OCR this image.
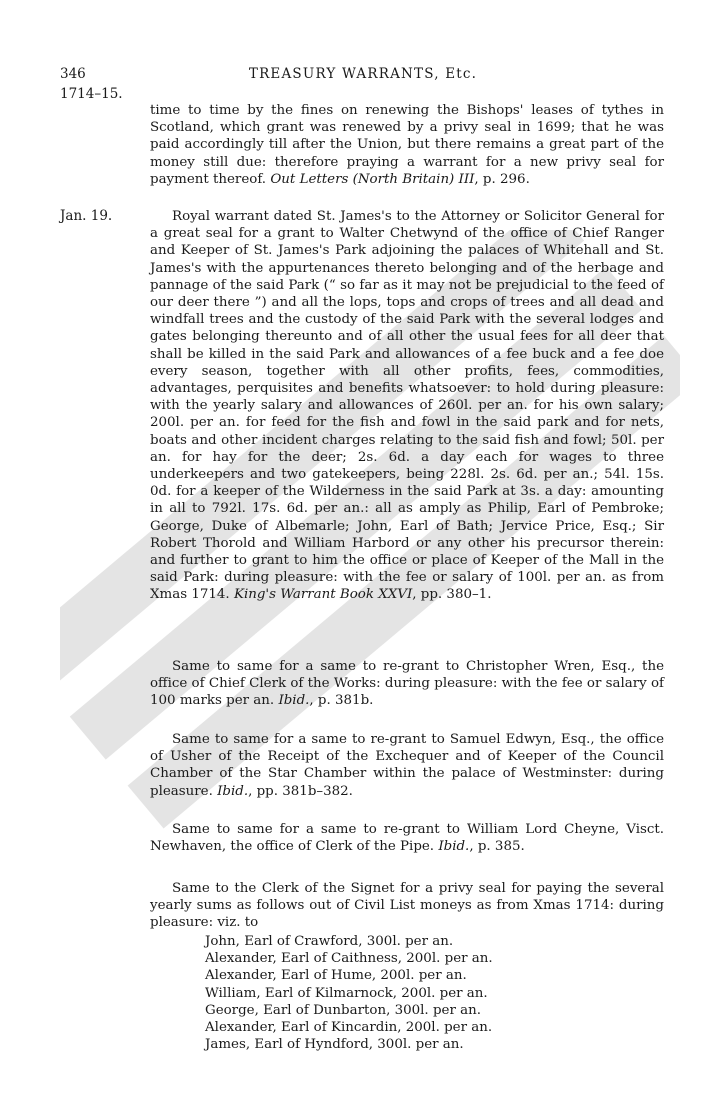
346	TREASURY WARRANTS, Etc.
1714–15.
time to time by the fines on renewing the Bishops' leases of tythes in Scotland, which grant was renewed by a privy seal in 1699; that he was paid accordingly till after the Union, but there remains a great part of the money still due: therefore praying a warrant for a new privy seal for payment thereof. Out Letters (North Britain) III, p. 296.
Jan. 19.	Royal warrant dated St. James's to the Attorney or Solicitor General for a great seal for a grant to Walter Chetwynd of the office of Chief Ranger and Keeper of St. James's Park adjoining the palaces of Whitehall and St. James's with the appurtenances thereto belonging and of the herbage and pannage of the said Park (“ so far as it may not be prejudicial to the feed of our deer there ”) and all the lops, tops and crops of trees and all dead and windfall trees and the custody of the said Park with the several lodges and gates belonging thereunto and of all other the usual fees for all deer that shall be killed in the said Park and allowances of a fee buck and a fee doe every season, together with all other profits, fees, commodities, advantages, perquisites and benefits whatsoever: to hold during pleasure: with the yearly salary and allowances of 260l. per an. for his own salary; 200l. per an. for feed for the fish and fowl in the said park and for nets, boats and other incident charges relating to the said fish and fowl; 50l. per an. for hay for the deer; 2s. 6d. a day each for wages to three underkeepers and two gatekeepers, being 228l. 2s. 6d. per an.; 54l. 15s. 0d. for a keeper of the Wilderness in the said Park at 3s. a day: amounting in all to 792l. 17s. 6d. per an.: all as amply as Philip, Earl of Pembroke; George, Duke of Albemarle; John, Earl of Bath; Jervice Price, Esq.; Sir Robert Thorold and William Harbord or any other his precursor therein: and further to grant to him the office or place of Keeper of the Mall in the said Park: during pleasure: with the fee or salary of 100l. per an. as from Xmas 1714. King's Warrant Book XXVI, pp. 380–1.
Same to same for a same to re-grant to Christopher Wren, Esq., the office of Chief Clerk of the Works: during pleasure: with the fee or salary of 100 marks per an. Ibid., p. 381b.
Same to same for a same to re-grant to Samuel Edwyn, Esq., the office of Usher of the Receipt of the Exchequer and of Keeper of the Council Chamber of the Star Chamber within the palace of Westminster: during pleasure. Ibid., pp. 381b–382.
Same to same for a same to re-grant to William Lord Cheyne, Visct. Newhaven, the office of Clerk of the Pipe. Ibid., p. 385.
Same to the Clerk of the Signet for a privy seal for paying the several yearly sums as follows out of Civil List moneys as from Xmas 1714: during pleasure: viz. to
John, Earl of Crawford, 300l. per an.
Alexander, Earl of Caithness, 200l. per an.
Alexander, Earl of Hume, 200l. per an.
William, Earl of Kilmarnock, 200l. per an.
George, Earl of Dunbarton, 300l. per an.
Alexander, Earl of Kincardin, 200l. per an.
James, Earl of Hyndford, 300l. per an.
